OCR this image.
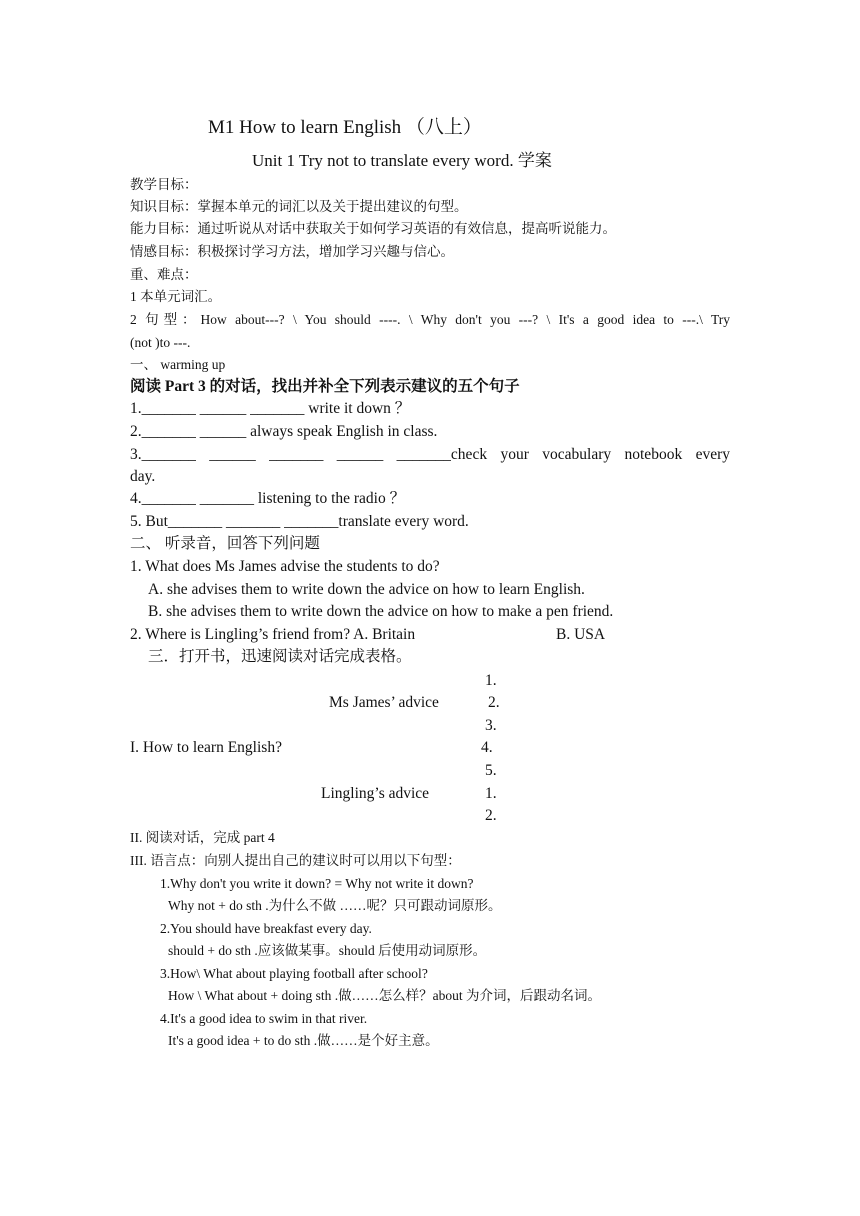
M1 How to learn English （八上）
Unit 1 Try not to translate every word. 学案
教学目标：
知识目标：掌握本单元的词汇以及关于提出建议的句型。
能力目标：通过听说从对话中获取关于如何学习英语的有效信息，提高听说能力。
情感目标：积极探讨学习方法，增加学习兴趣与信心。
重、难点：
1 本单元词汇。
2 句型：How about---? \ You should ----. \ Why don't you ---? \ It's a good idea to ---.\ Try
(not )to ---.
一、 warming up
阅读 Part 3 的对话，找出并补全下列表示建议的五个句子
1._______ ______ _______ write it down ？
2._______ ______ always speak English in class.
3._______ ______ _______ ______ _______check your vocabulary notebook every
day.
4._______ _______ listening to the radio ？
5. But_______ _______ _______translate every word.
二、 听录音，回答下列问题
1. What does Ms James advise the students to do?
A. she advises them to write down the advice on how to learn English.
B. she advises them to write down the advice on how to make a pen friend.
2. Where is Lingling’s friend from? A. Britain	B. USA
三．打开书，迅速阅读对话完成表格。
1.
Ms James’ advice	2.
3.
I. How to learn English?	4.
5.
Lingling’s advice	1.
2.
II. 阅读对话，完成 part 4
III. 语言点：向别人提出自己的建议时可以用以下句型：
1.Why don't you write it down? = Why not write it down?
Why not + do sth .为什么不做 ……呢？只可跟动词原形。
2.You should have breakfast every day.
should + do sth .应该做某事。should 后使用动词原形。
3.How\ What about playing football after school?
How \ What about + doing sth .做……怎么样？about 为介词，后跟动名词。
4.It's a good idea to swim in that river.
It's a good idea + to do sth .做……是个好主意。
